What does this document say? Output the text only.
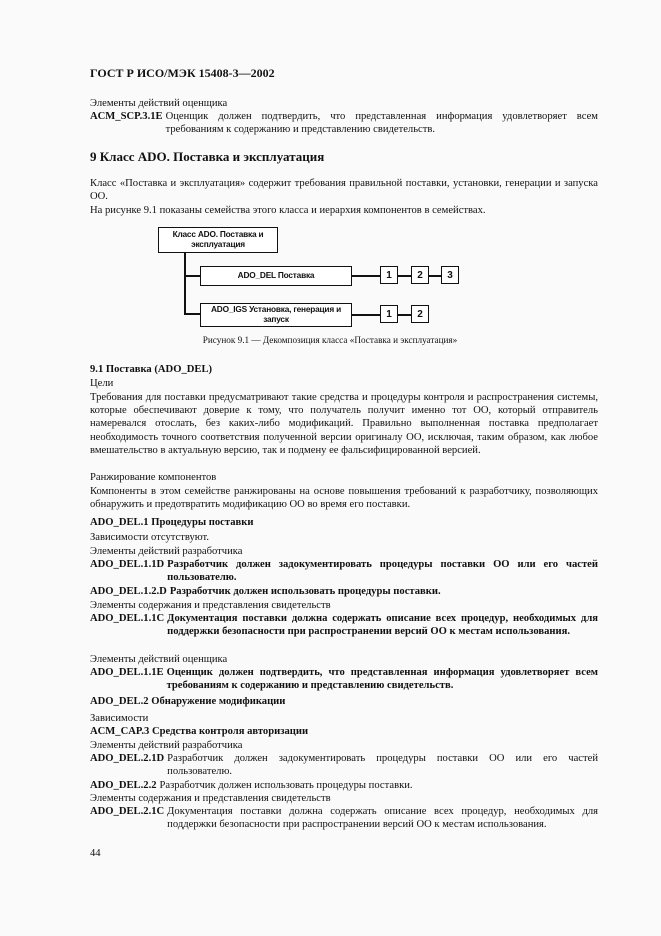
ГОСТ Р ИСО/МЭК 15408-3—2002
Элементы действий оценщика
ACM_SCP.3.1E Оценщик должен подтвердить, что представленная информация удовлетворяет всем требованиям к содержанию и представлению свидетельств.
9 Класс ADO. Поставка и эксплуатация
Класс «Поставка и эксплуатация» содержит требования правильной поставки, установки, генерации и запуска ОО.
На рисунке 9.1 показаны семейства этого класса и иерархия компонентов в семействах.
Класс ADO. Поставка и эксплуатация
ADO_DEL Поставка	1	2	3
ADO_IGS Установка, генерация и запуск	1	2
Рисунок 9.1 — Декомпозиция класса «Поставка и эксплуатация»
9.1 Поставка (ADO_DEL)
Цели
Требования для поставки предусматривают такие средства и процедуры контроля и распространения системы, которые обеспечивают доверие к тому, что получатель получит именно тот ОО, который отправитель намеревался отослать, без каких-либо модификаций. Правильно выполненная поставка предполагает необходимость точного соответствия полученной версии оригиналу ОО, исключая, таким образом, как любое вмешательство в актуальную версию, так и подмену ее фальсифицированной версией.
Ранжирование компонентов
Компоненты в этом семействе ранжированы на основе повышения требований к разработчику, позволяющих обнаружить и предотвратить модификацию ОО во время его поставки.
ADO_DEL.1 Процедуры поставки
Зависимости отсутствуют.
Элементы действий разработчика
ADO_DEL.1.1D Разработчик должен задокументировать процедуры поставки ОО или его частей пользователю.
ADO_DEL.1.2.D Разработчик должен использовать процедуры поставки.
Элементы содержания и представления свидетельств
ADO_DEL.1.1C Документация поставки должна содержать описание всех процедур, необходимых для поддержки безопасности при распространении версий ОО к местам использования.
Элементы действий оценщика
ADO_DEL.1.1E Оценщик должен подтвердить, что представленная информация удовлетворяет всем требованиям к содержанию и представлению свидетельств.
ADO_DEL.2 Обнаружение модификации
Зависимости
ACM_CAP.3 Средства контроля авторизации
Элементы действий разработчика
ADO_DEL.2.1D Разработчик должен задокументировать процедуры поставки ОО или его частей пользователю.
ADO_DEL.2.2 Разработчик должен использовать процедуры поставки.
Элементы содержания и представления свидетельств
ADO_DEL.2.1C Документация поставки должна содержать описание всех процедур, необходимых для поддержки безопасности при распространении версий ОО к местам использования.
44
